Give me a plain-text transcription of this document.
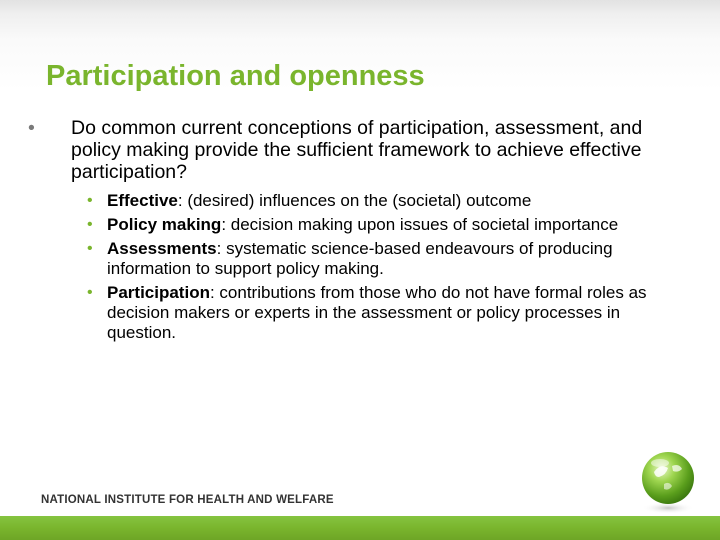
Participation and openness
• Do common current conceptions of participation, assessment, and policy making provide the sufficient framework to achieve effective participation?
• Effective: (desired) influences on the (societal) outcome
• Policy making: decision making upon issues of societal importance
• Assessments: systematic science-based endeavours of producing information to support policy making.
• Participation: contributions from those who do not have formal roles as decision makers or experts in the assessment or policy processes in question.
NATIONAL INSTITUTE FOR HEALTH AND WELFARE
